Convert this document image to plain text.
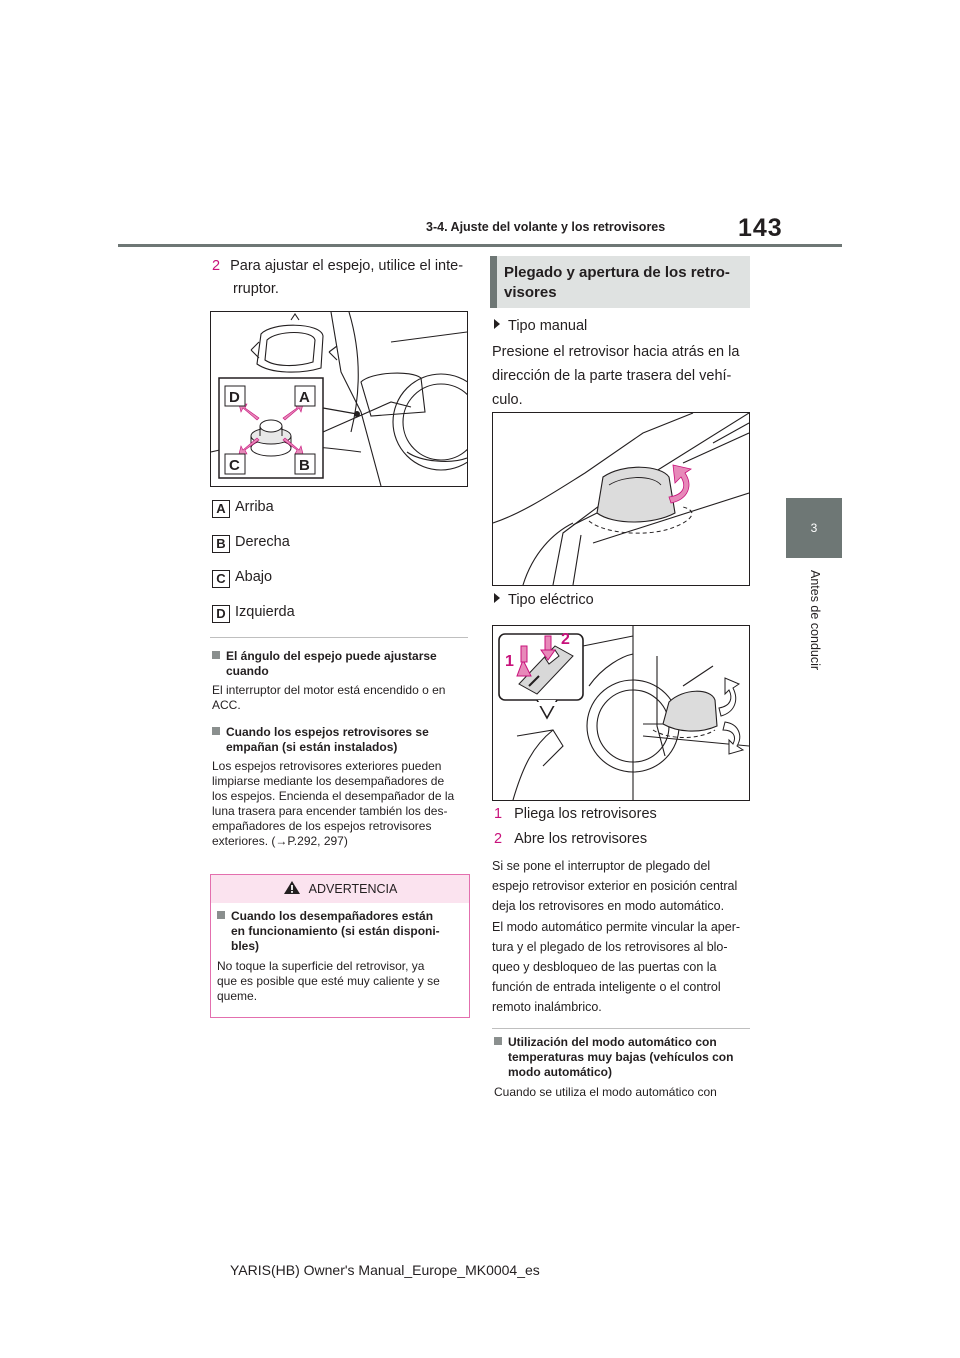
3-4. Ajuste del volante y los retrovisores	143
3
Antes de conducir
2 Para ajustar el espejo, utilice el inte-
rruptor.
D	A
C	B
A Arriba
B Derecha
C Abajo
D Izquierda
El ángulo del espejo puede ajustarse
cuando
El interruptor del motor está encendido o en
ACC.
Cuando los espejos retrovisores se
empañan (si están instalados)
Los espejos retrovisores exteriores pueden
limpiarse mediante los desempañadores de
los espejos. Encienda el desempañador de la
luna trasera para encender también los des-
empañadores de los espejos retrovisores
exteriores. (→P.292, 297)
ADVERTENCIA
Cuando los desempañadores están
en funcionamiento (si están disponi-
bles)
No toque la superficie del retrovisor, ya
que es posible que esté muy caliente y se
queme.
Plegado y apertura de los retro-
visores
Tipo manual
Presione el retrovisor hacia atrás en la
dirección de la parte trasera del vehí-
culo.
Tipo eléctrico
1
2
1 Pliega los retrovisores
2 Abre los retrovisores
Si se pone el interruptor de plegado del
espejo retrovisor exterior en posición central
deja los retrovisores en modo automático.
El modo automático permite vincular la aper-
tura y el plegado de los retrovisores al blo-
queo y desbloqueo de las puertas con la
función de entrada inteligente o el control
remoto inalámbrico.
Utilización del modo automático con
temperaturas muy bajas (vehículos con
modo automático)
Cuando se utiliza el modo automático con
YARIS(HB) Owner's Manual_Europe_MK0004_es
